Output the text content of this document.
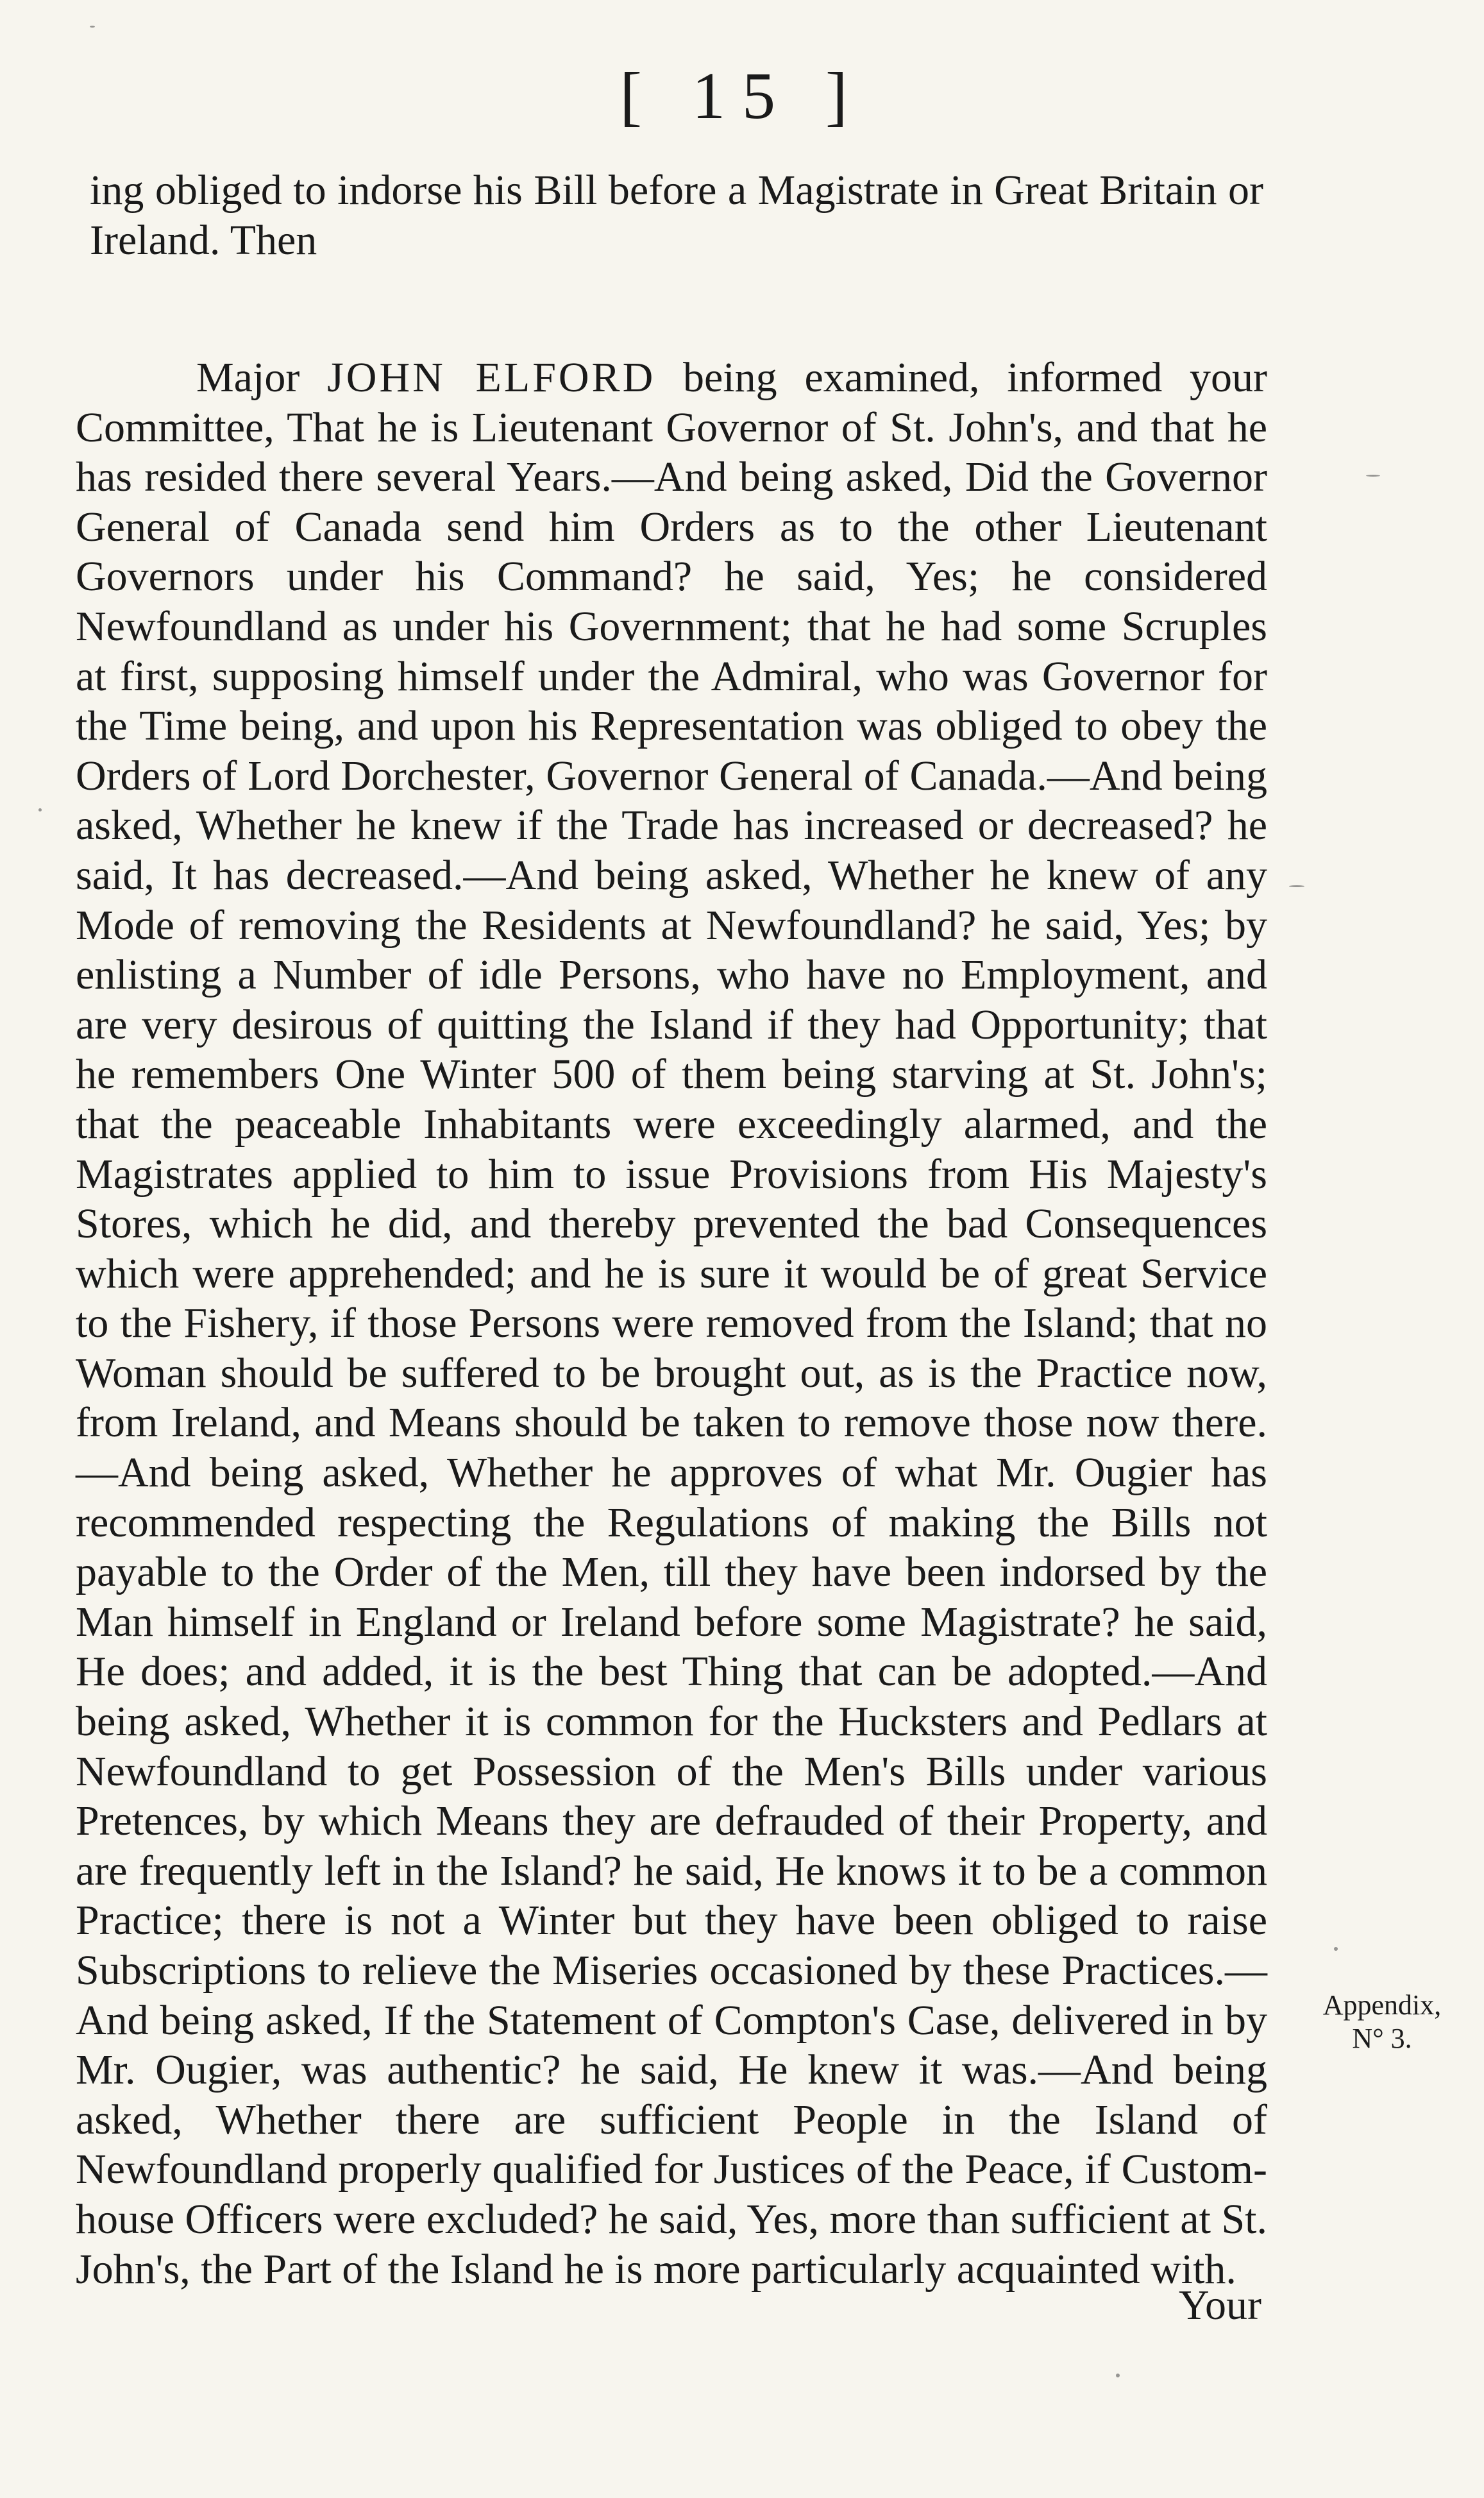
[ 15 ]
ing obliged to indorse his Bill before a Magistrate in Great Britain or Ireland. Then

Major JOHN ELFORD being examined, informed your Committee, That he is Lieutenant Governor of St. John's, and that he has resided there several Years.—And being asked, Did the Governor General of Canada send him Orders as to the other Lieutenant Governors under his Command? he said, Yes; he considered Newfoundland as under his Government; that he had some Scruples at first, supposing himself under the Admiral, who was Governor for the Time being, and upon his Representation was obliged to obey the Orders of Lord Dorchester, Governor General of Canada.—And being asked, Whether he knew if the Trade has increased or decreased? he said, It has decreased.—And being asked, Whether he knew of any Mode of removing the Residents at Newfoundland? he said, Yes; by enlisting a Number of idle Persons, who have no Employment, and are very desirous of quitting the Island if they had Opportunity; that he remembers One Winter 500 of them being starving at St. John's; that the peaceable Inhabitants were exceedingly alarmed, and the Magistrates applied to him to issue Provisions from His Majesty's Stores, which he did, and thereby prevented the bad Consequences which were apprehended; and he is sure it would be of great Service to the Fishery, if those Persons were removed from the Island; that no Woman should be suffered to be brought out, as is the Practice now, from Ireland, and Means should be taken to remove those now there.—And being asked, Whether he approves of what Mr. Ougier has recommended respecting the Regulations of making the Bills not payable to the Order of the Men, till they have been indorsed by the Man himself in England or Ireland before some Magistrate? he said, He does; and added, it is the best Thing that can be adopted.—And being asked, Whether it is common for the Hucksters and Pedlars at Newfoundland to get Possession of the Men's Bills under various Pretences, by which Means they are defrauded of their Property, and are frequently left in the Island? he said, He knows it to be a common Practice; there is not a Winter but they have been obliged to raise Subscriptions to relieve the Miseries occasioned by these Practices.—And being asked, If the Statement of Compton's Case, delivered in by Mr. Ougier, was authentic? he said, He knew it was.—And being asked, Whether there are sufficient People in the Island of Newfoundland properly qualified for Justices of the Peace, if Custom-house Officers were excluded? he said, Yes, more than sufficient at St. John's, the Part of the Island he is more particularly acquainted with.

Appendix,
N° 3.
Your
